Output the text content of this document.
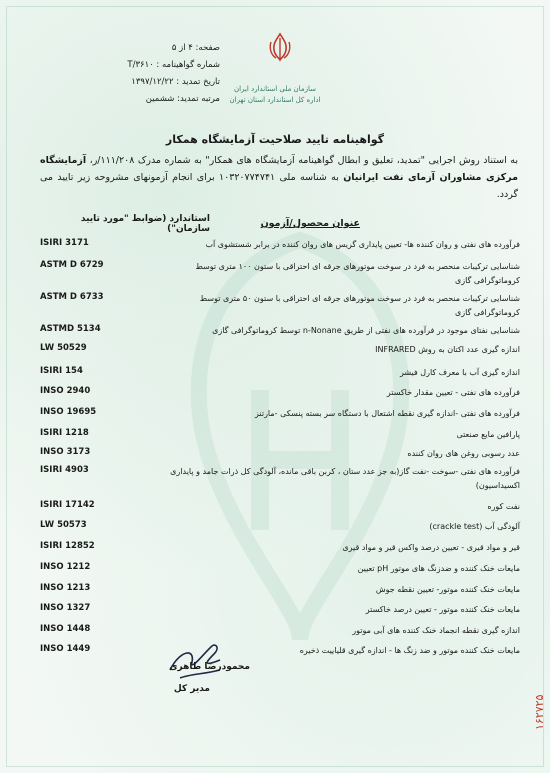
سازمان ملی استاندارد ایران
اداره کل استاندارد استان تهران
صفحه: ۴ از ۵
شماره گواهینامه : ۳۶۱۰/T
تاریخ تمدید : ۱۳۹۷/۱۲/۲۲
مرتبه تمدید: ششمین
گواهینامه تایید صلاحیت آزمایشگاه همکار
به استناد روش اجرایی "تمدید، تعلیق و ابطال گواهینامه آزمایشگاه های همکار" به شماره مدرک ۱۱۱/۲۰۸/ر، آزمایشگاه مرکزی مشاوران آزمای نفت ایرانیان به شناسه ملی ۱۰۳۲۰۷۷۴۷۴۱ برای انجام آزمونهای مشروحه زیر تایید می گردد.
عنوان محصول/آزمون
استاندارد (ضوابط "مورد تایید سازمان")
ISIRI 3171	فرآورده های نفتی و روان کننده ها- تعیین پایداری گریس های روان کننده در برابر شستشوی آب
ASTM D 6729	شناسایی ترکیبات منحصر به فرد در سوخت موتورهای جرقه ای احتراقی با ستون ۱۰۰ متری توسط کروماتوگرافی گازی
ASTM D 6733	شناسایی ترکیبات منحصر به فرد در سوخت موتورهای جرقه ای احتراقی با ستون ۵۰ متری توسط کروماتوگرافی گازی
ASTMD 5134	شناسایی نفتای موجود در فرآورده های نفتی از طریق n-Nonane توسط کروماتوگرافی گازی
LW 50529	اندازه گیری عدد اکتان به روش INFRARED
ISIRI 154	اندازه گیری آب با معرف کارل فیشر
INSO 2940	فرآورده های نفتی - تعیین مقدار خاکستر
INSO 19695	فرآورده های نفتی -اندازه گیری نقطه اشتعال با دستگاه سر بسته پنسکی -مارتنز
ISIRI 1218	پارافین مایع صنعتی
INSO 3173	عدد رسوبی روغن های روان کننده
ISIRI 4903	فرآورده های نفتی -سوخت -نفت گاز(به جز عدد ستان ، کربن باقی مانده، آلودگی کل ذرات جامد و پایداری اکسیداسیون)
ISIRI 17142	نفت کوره
LW 50573	آلودگی آب (crackle test)
ISIRI 12852	قیر و مواد قیری - تعیین درصد واکس قیر و مواد قیری
INSO 1212	مایعات خنک کننده و ضدزنگ های موتور pH تعیین
INSO 1213	مایعات خنک کننده موتور- تعیین نقطه جوش
INSO 1327	مایعات خنک کننده موتور - تعیین درصد خاکستر
INSO 1448	اندازه گیری نقطه انجماد خنک کننده های آبی موتور
INSO 1449	مایعات خنک کننده موتور و ضد زنگ ها - اندازه گیری قلیاییت ذخیره
محمودرضا طاهری
مدیر کل
۱۶۲۷۲۵
